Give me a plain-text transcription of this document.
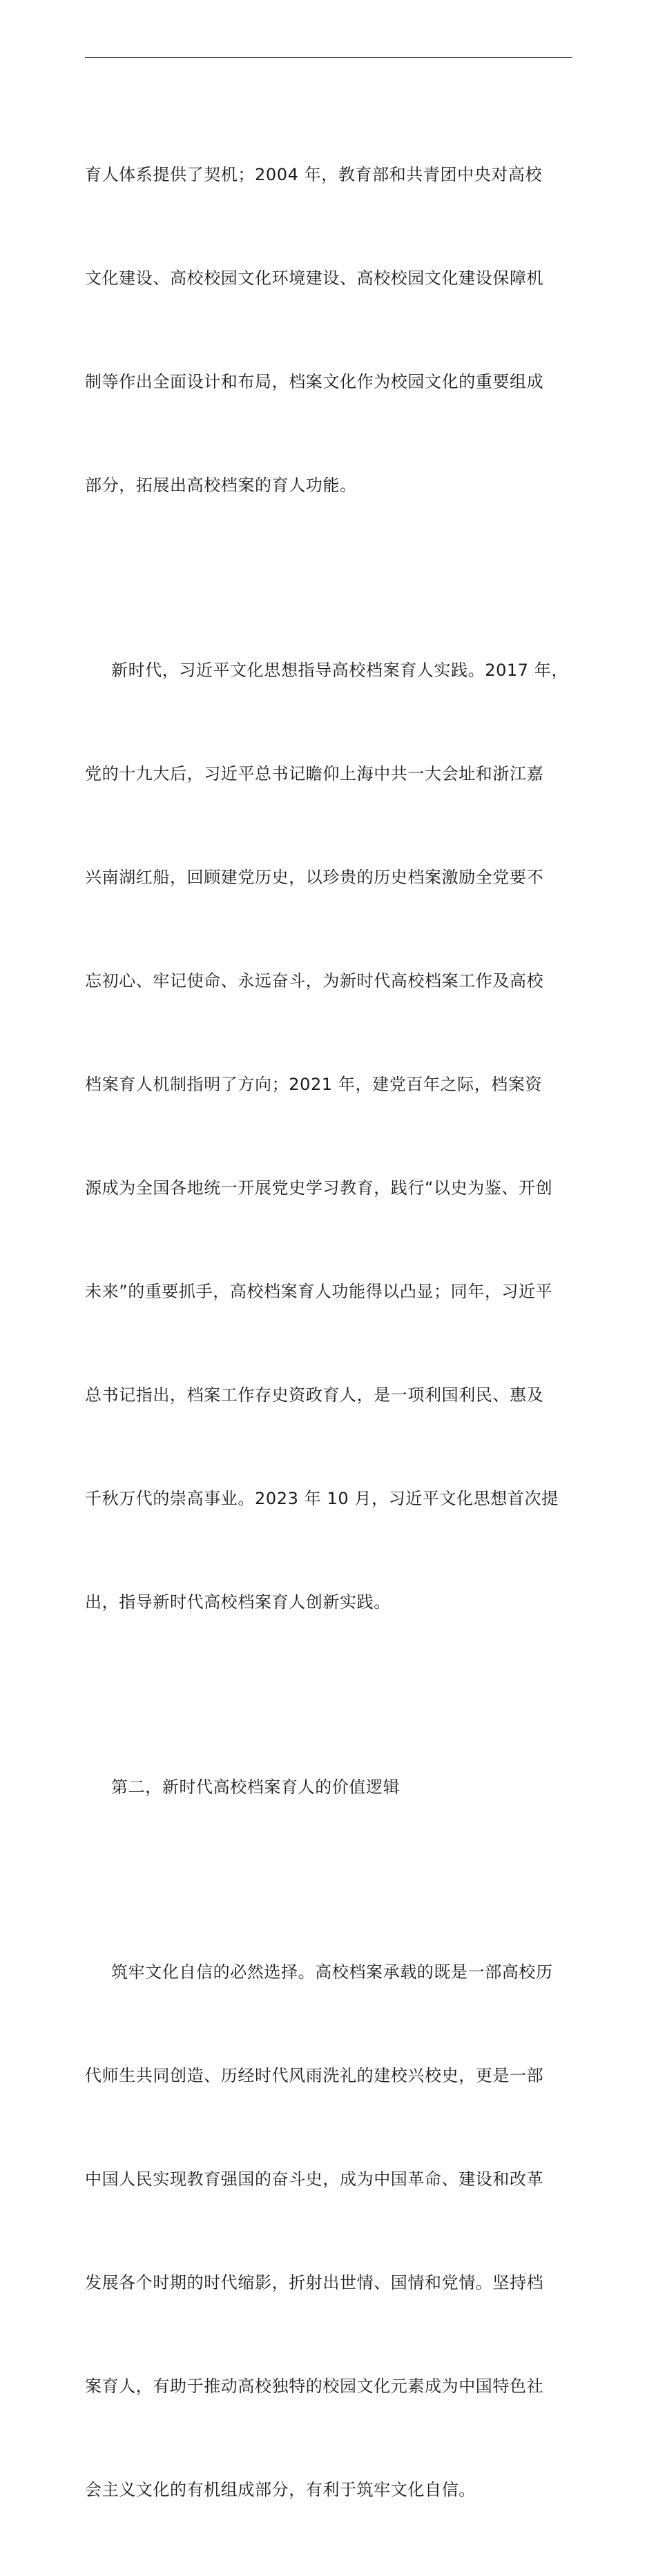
育人体系提供了契机；2004 年，教育部和共青团中央对高校

文化建设、高校校园文化环境建设、高校校园文化建设保障机

制等作出全面设计和布局，档案文化作为校园文化的重要组成

部分，拓展出高校档案的育人功能。

新时代，习近平文化思想指导高校档案育人实践。2017 年，

党的十九大后，习近平总书记瞻仰上海中共一大会址和浙江嘉

兴南湖红船，回顾建党历史，以珍贵的历史档案激励全党要不

忘初心、牢记使命、永远奋斗，为新时代高校档案工作及高校

档案育人机制指明了方向；2021 年，建党百年之际，档案资

源成为全国各地统一开展党史学习教育，践行“以史为鉴、开创

未来”的重要抓手，高校档案育人功能得以凸显；同年，习近平

总书记指出，档案工作存史资政育人，是一项利国利民、惠及

千秋万代的崇高事业。2023 年 10 月，习近平文化思想首次提

出，指导新时代高校档案育人创新实践。

第二，新时代高校档案育人的价值逻辑

筑牢文化自信的必然选择。高校档案承载的既是一部高校历

代师生共同创造、历经时代风雨洗礼的建校兴校史，更是一部

中国人民实现教育强国的奋斗史，成为中国革命、建设和改革

发展各个时期的时代缩影，折射出世情、国情和党情。坚持档

案育人，有助于推动高校独特的校园文化元素成为中国特色社

会主义文化的有机组成部分，有利于筑牢文化自信。
